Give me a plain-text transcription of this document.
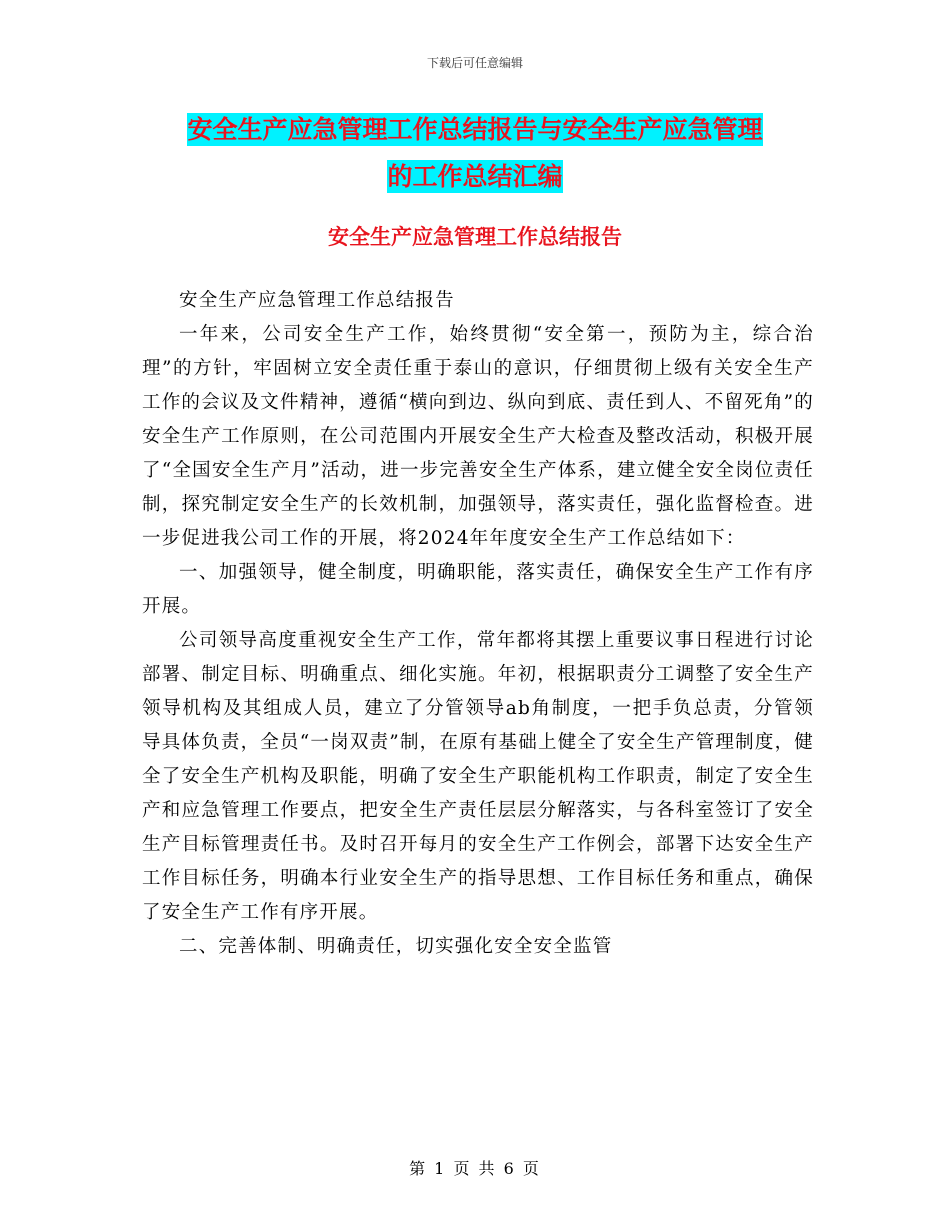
下载后可任意编辑
安全生产应急管理工作总结报告与安全生产应急管理
的工作总结汇编
安全生产应急管理工作总结报告

安全生产应急管理工作总结报告

一年来，公司安全生产工作，始终贯彻“安全第一，预防为主，综合治理”的方针，牢固树立安全责任重于泰山的意识，仔细贯彻上级有关安全生产工作的会议及文件精神，遵循“横向到边、纵向到底、责任到人、不留死角”的安全生产工作原则，在公司范围内开展安全生产大检查及整改活动，积极开展了“全国安全生产月”活动，进一步完善安全生产体系，建立健全安全岗位责任制，探究制定安全生产的长效机制，加强领导，落实责任，强化监督检查。进一步促进我公司工作的开展，将2024年年度安全生产工作总结如下：

一、加强领导，健全制度，明确职能，落实责任，确保安全生产工作有序开展。

公司领导高度重视安全生产工作，常年都将其摆上重要议事日程进行讨论部署、制定目标、明确重点、细化实施。年初，根据职责分工调整了安全生产领导机构及其组成人员，建立了分管领导ab角制度，一把手负总责，分管领导具体负责，全员“一岗双责”制，在原有基础上健全了安全生产管理制度，健全了安全生产机构及职能，明确了安全生产职能机构工作职责，制定了安全生产和应急管理工作要点，把安全生产责任层层分解落实，与各科室签订了安全生产目标管理责任书。及时召开每月的安全生产工作例会，部署下达安全生产工作目标任务，明确本行业安全生产的指导思想、工作目标任务和重点，确保了安全生产工作有序开展。

二、完善体制、明确责任，切实强化安全安全监管

第 1 页 共 6 页
